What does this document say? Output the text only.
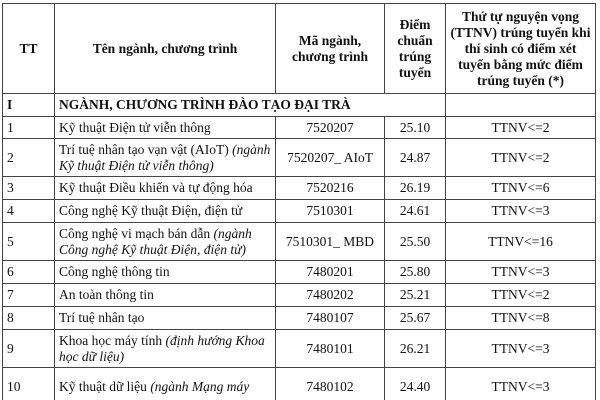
TT	Tên ngành, chương trình	Mã ngành, chương trình	Điểm chuẩn trúng tuyển	Thứ tự nguyện vọng (TTNV) trúng tuyển khi thí sinh có điểm xét tuyển bằng mức điểm trúng tuyển (*)
I	NGÀNH, CHƯƠNG TRÌNH ĐÀO TẠO ĐẠI TRÀ			
1	Kỹ thuật Điện tử viễn thông	7520207	25.10	TTNV<=2
2	Trí tuệ nhân tạo vạn vật (AIoT) (ngành Kỹ thuật Điện tử viễn thông)	7520207_ AIoT	24.87	TTNV<=2
3	Kỹ thuật Điều khiển và tự động hóa	7520216	26.19	TTNV<=6
4	Công nghệ Kỹ thuật Điện, điện tử	7510301	24.61	TTNV<=3
5	Công nghệ vi mạch bán dẫn (ngành Công nghệ Kỹ thuật Điện, điện tử)	7510301_ MBD	25.50	TTNV<=16
6	Công nghệ thông tin	7480201	25.80	TTNV<=3
7	An toàn thông tin	7480202	25.21	TTNV<=2
8	Trí tuệ nhân tạo	7480107	25.67	TTNV<=8
9	Khoa học máy tính (định hướng Khoa học dữ liệu)	7480101	26.21	TTNV<=3
10	Kỹ thuật dữ liệu (ngành Mạng máy	7480102	24.40	TTNV<=3
